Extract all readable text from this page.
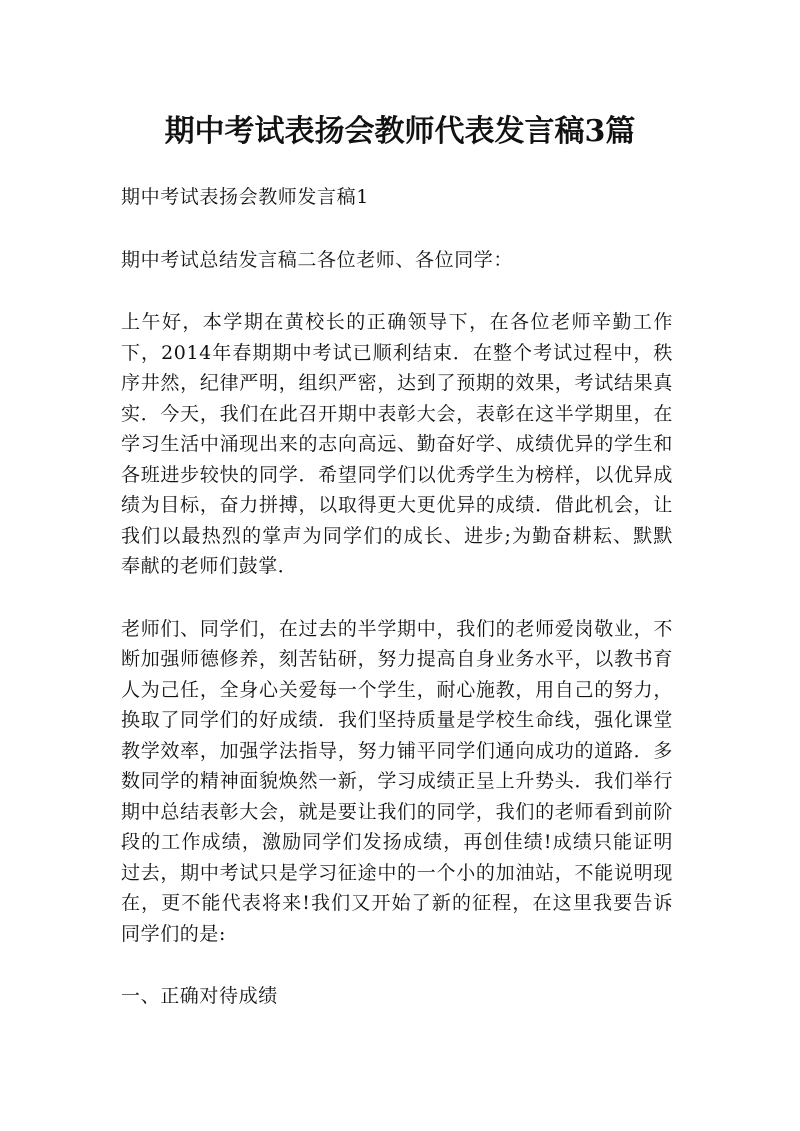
期中考试表扬会教师代表发言稿3篇

期中考试表扬会教师发言稿1

期中考试总结发言稿二各位老师、各位同学：

上午好，本学期在黄校长的正确领导下，在各位老师辛勤工作下，2014年春期期中考试已顺利结束．在整个考试过程中，秩序井然，纪律严明，组织严密，达到了预期的效果，考试结果真实．今天，我们在此召开期中表彰大会，表彰在这半学期里，在学习生活中涌现出来的志向高远、勤奋好学、成绩优异的学生和各班进步较快的同学．希望同学们以优秀学生为榜样，以优异成绩为目标，奋力拼搏，以取得更大更优异的成绩．借此机会，让我们以最热烈的掌声为同学们的成长、进步;为勤奋耕耘、默默奉献的老师们鼓掌．

老师们、同学们，在过去的半学期中，我们的老师爱岗敬业，不断加强师德修养，刻苦钻研，努力提高自身业务水平，以教书育人为己任，全身心关爱每一个学生，耐心施教，用自己的努力，换取了同学们的好成绩．我们坚持质量是学校生命线，强化课堂教学效率，加强学法指导，努力铺平同学们通向成功的道路．多数同学的精神面貌焕然一新，学习成绩正呈上升势头．我们举行期中总结表彰大会，就是要让我们的同学，我们的老师看到前阶段的工作成绩，激励同学们发扬成绩，再创佳绩!成绩只能证明过去，期中考试只是学习征途中的一个小的加油站，不能说明现在，更不能代表将来!我们又开始了新的征程，在这里我要告诉同学们的是:

一、正确对待成绩
